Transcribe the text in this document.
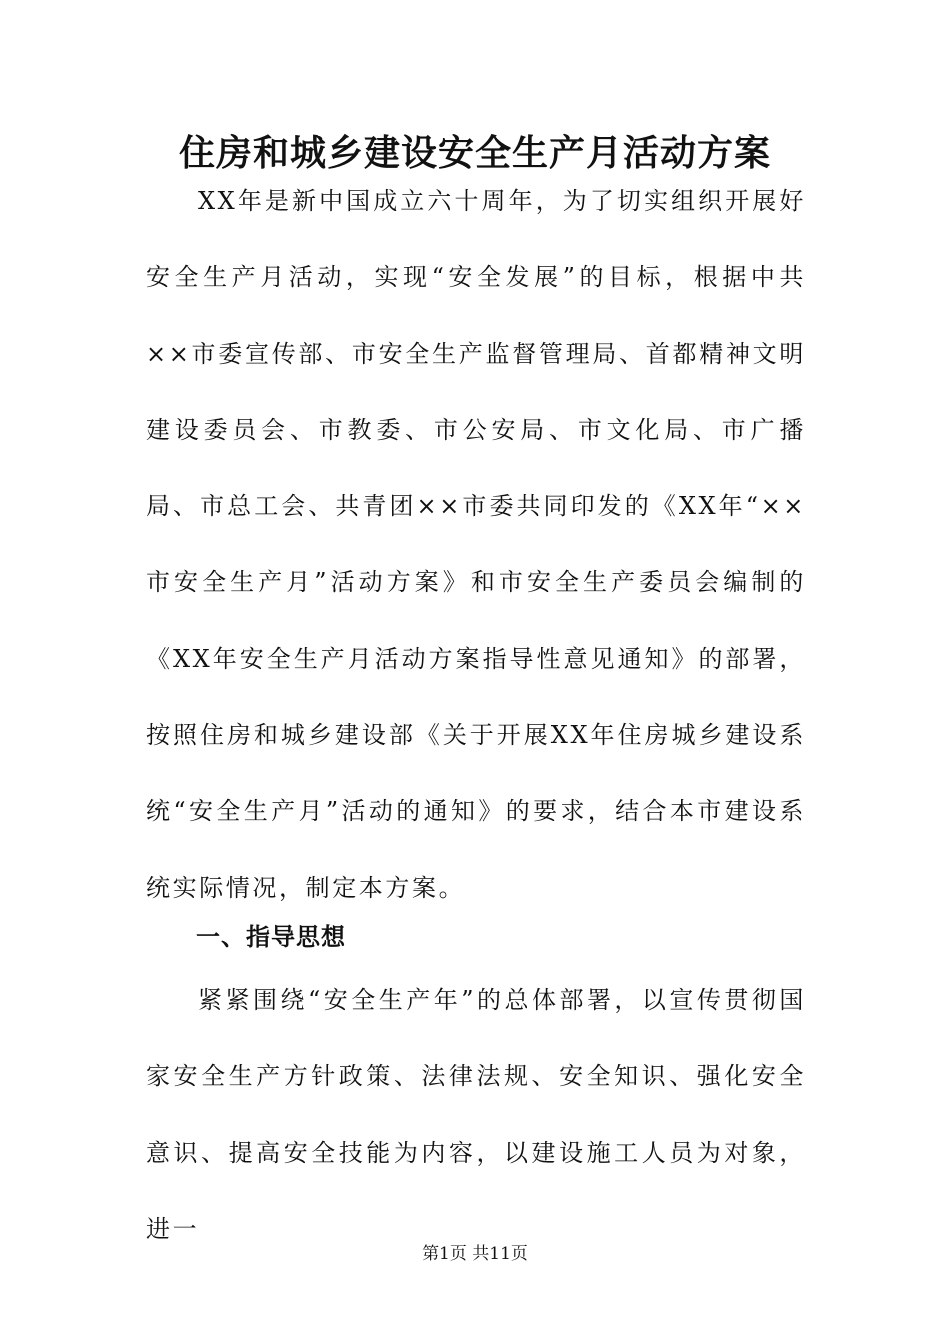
住房和城乡建设安全生产月活动方案

XX年是新中国成立六十周年，为了切实组织开展好安全生产月活动，实现“安全发展”的目标，根据中共××市委宣传部、市安全生产监督管理局、首都精神文明建设委员会、市教委、市公安局、市文化局、市广播局、市总工会、共青团××市委共同印发的《XX年“××市安全生产月”活动方案》和市安全生产委员会编制的《XX年安全生产月活动方案指导性意见通知》的部署，按照住房和城乡建设部《关于开展XX年住房城乡建设系统“安全生产月”活动的通知》的要求，结合本市建设系统实际情况，制定本方案。

一、指导思想

紧紧围绕“安全生产年”的总体部署，以宣传贯彻国家安全生产方针政策、法律法规、安全知识、强化安全意识、提高安全技能为内容，以建设施工人员为对象，进一

第1页 共11页
